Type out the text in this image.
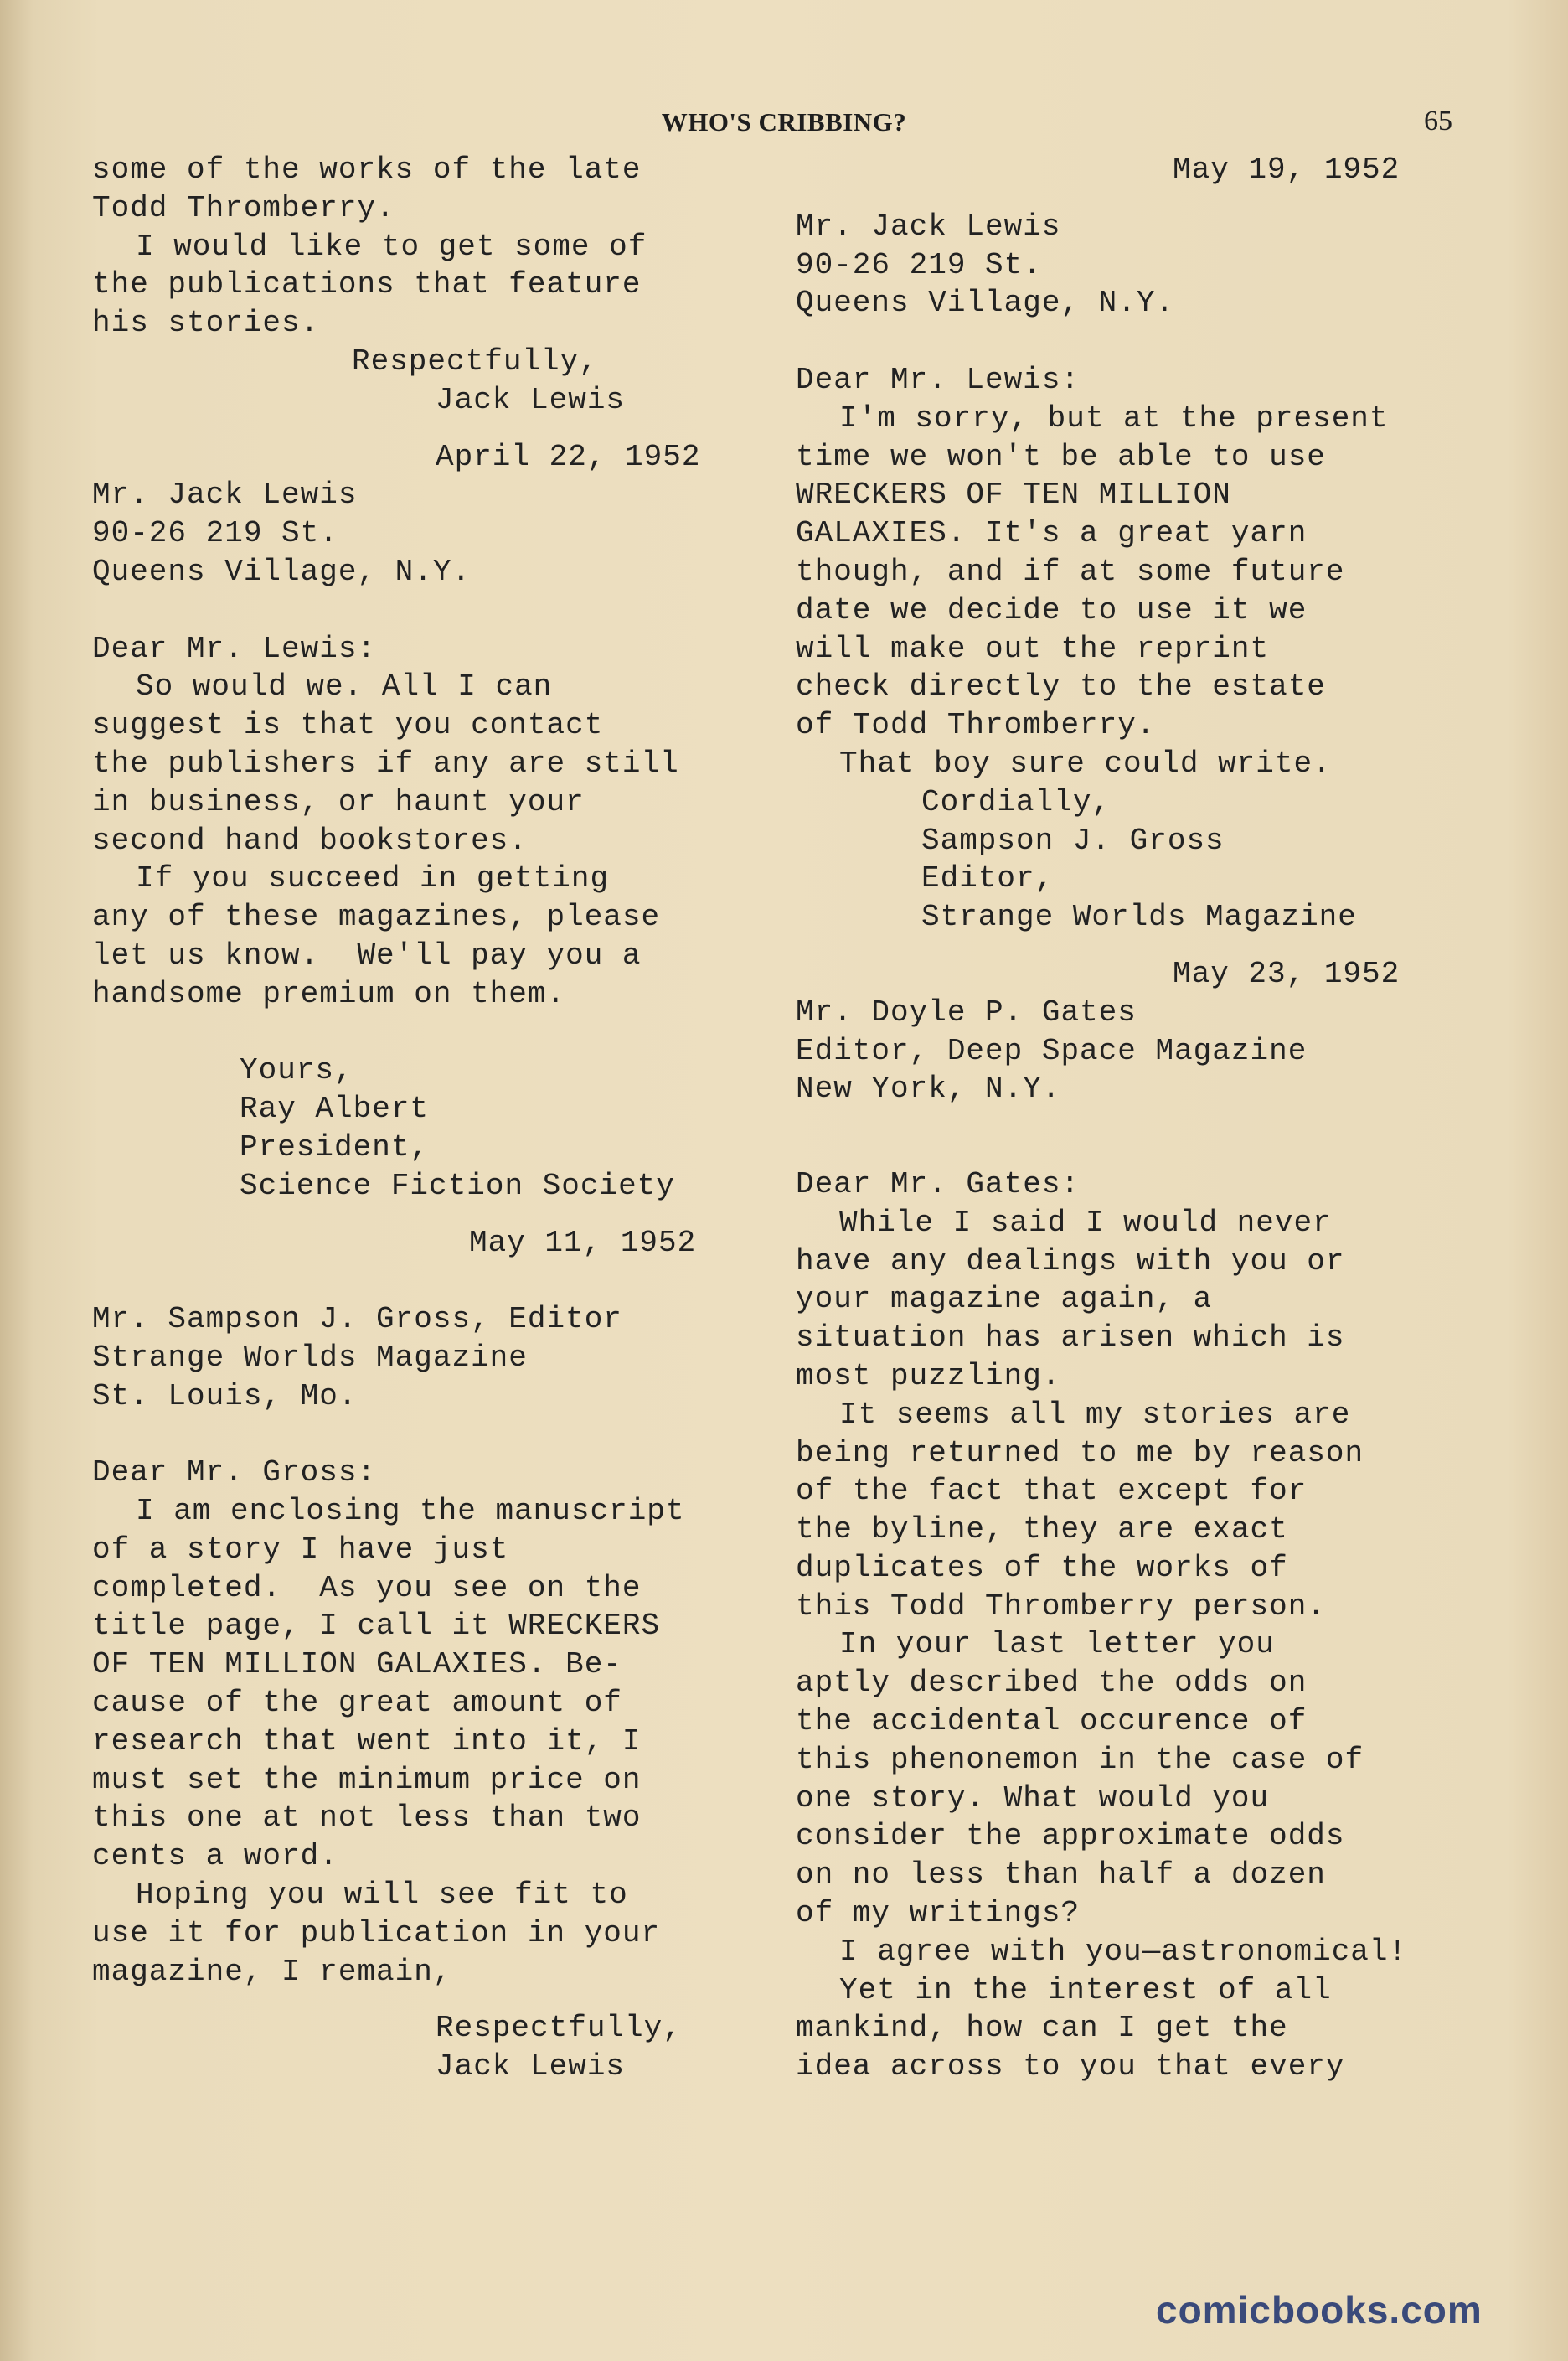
WHO'S CRIBBING?	65
some of the works of the late
Todd Thromberry.
I would like to get some of
the publications that feature
his stories.
Respectfully,
Jack Lewis
April 22, 1952
Mr. Jack Lewis
90-26 219 St.
Queens Village, N.Y.
Dear Mr. Lewis:
So would we. All I can
suggest is that you contact
the publishers if any are still
in business, or haunt your
second hand bookstores.
If you succeed in getting
any of these magazines, please
let us know.  We'll pay you a
handsome premium on them.
Yours,
Ray Albert
President,
Science Fiction Society
May 11, 1952
Mr. Sampson J. Gross, Editor
Strange Worlds Magazine
St. Louis, Mo.
Dear Mr. Gross:
I am enclosing the manuscript
of a story I have just
completed.  As you see on the
title page, I call it WRECKERS
OF TEN MILLION GALAXIES. Be-
cause of the great amount of
research that went into it, I
must set the minimum price on
this one at not less than two
cents a word.
Hoping you will see fit to
use it for publication in your
magazine, I remain,
Respectfully,
Jack Lewis
May 19, 1952
Mr. Jack Lewis
90-26 219 St.
Queens Village, N.Y.
Dear Mr. Lewis:
I'm sorry, but at the present
time we won't be able to use
WRECKERS OF TEN MILLION
GALAXIES. It's a great yarn
though, and if at some future
date we decide to use it we
will make out the reprint
check directly to the estate
of Todd Thromberry.
That boy sure could write.
Cordially,
Sampson J. Gross
Editor,
Strange Worlds Magazine
May 23, 1952
Mr. Doyle P. Gates
Editor, Deep Space Magazine
New York, N.Y.
Dear Mr. Gates:
While I said I would never
have any dealings with you or
your magazine again, a
situation has arisen which is
most puzzling.
It seems all my stories are
being returned to me by reason
of the fact that except for
the byline, they are exact
duplicates of the works of
this Todd Thromberry person.
In your last letter you
aptly described the odds on
the accidental occurence of
this phenonemon in the case of
one story. What would you
consider the approximate odds
on no less than half a dozen
of my writings?
I agree with you—astronomical!
Yet in the interest of all
mankind, how can I get the
idea across to you that every
comicbooks.com
